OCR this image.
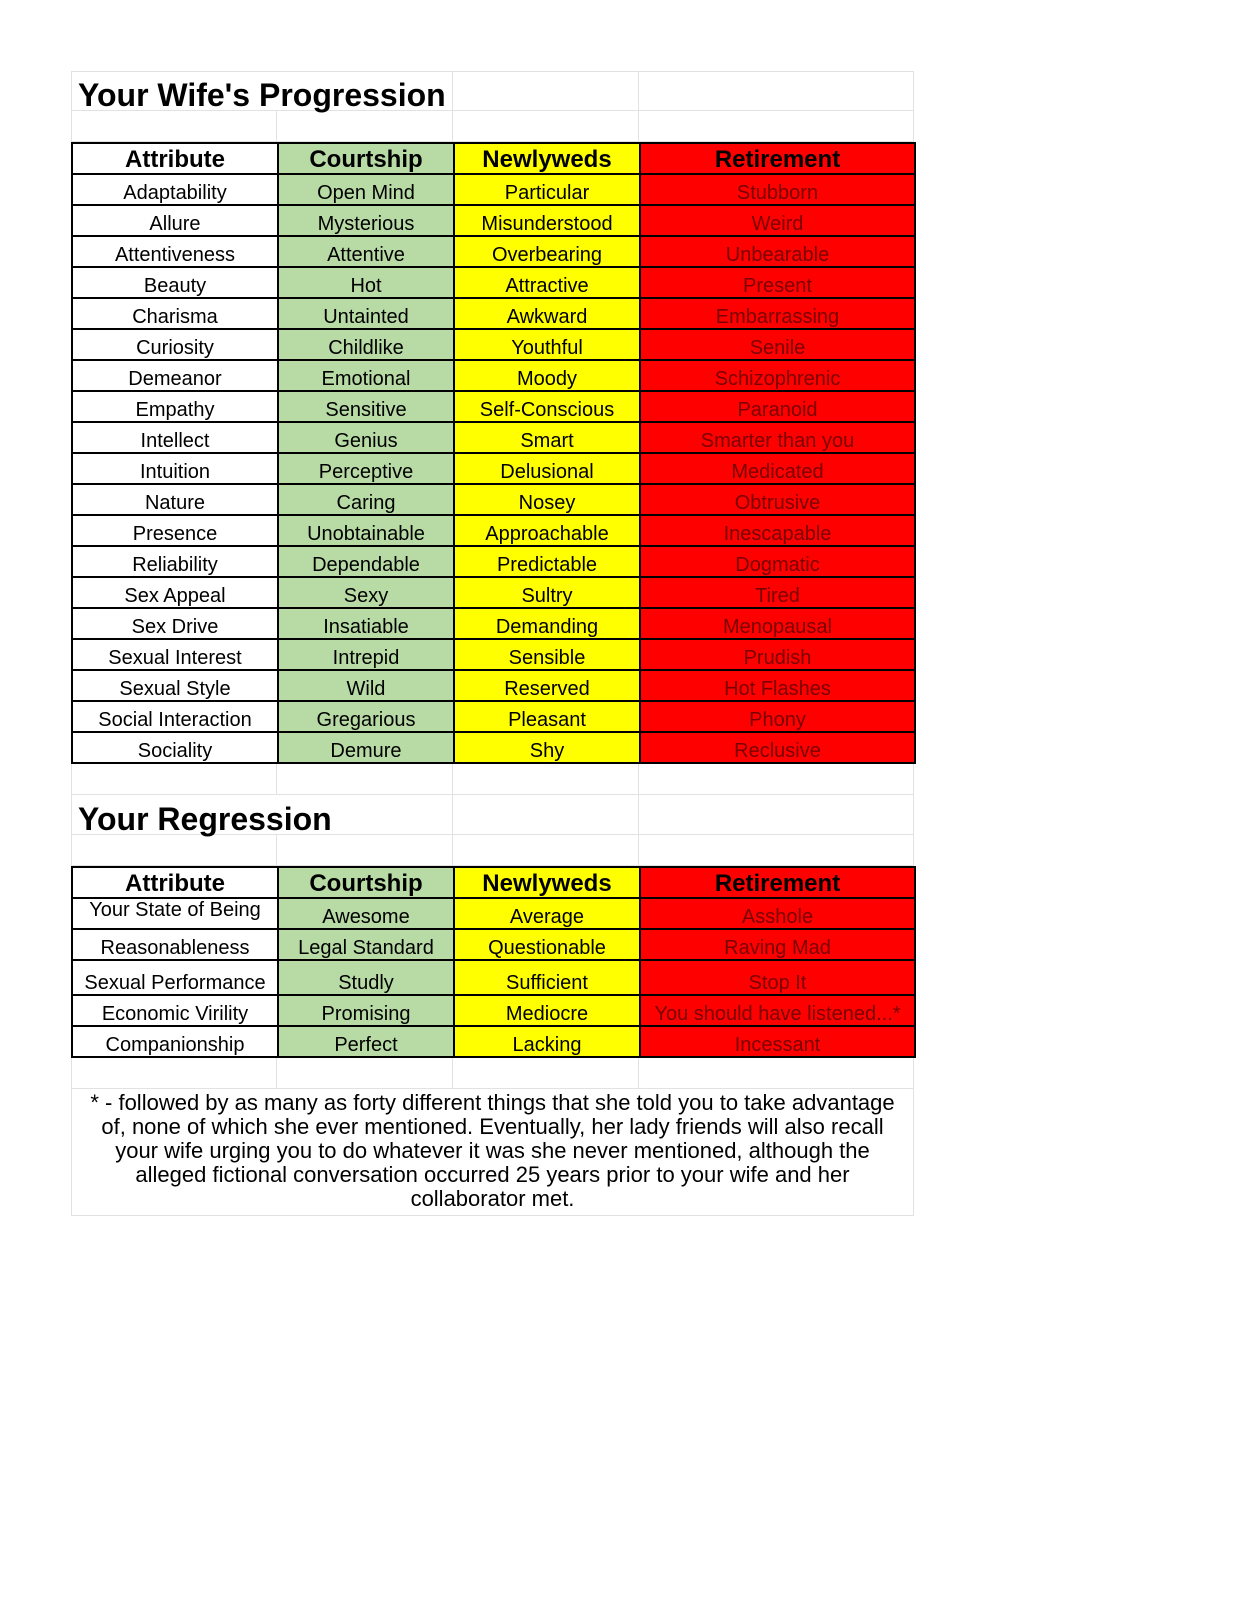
Your Wife's Progression
Attribute	Courtship	Newlyweds	Retirement
Adaptability	Open Mind	Particular	Stubborn
Allure	Mysterious	Misunderstood	Weird
Attentiveness	Attentive	Overbearing	Unbearable
Beauty	Hot	Attractive	Present
Charisma	Untainted	Awkward	Embarrassing
Curiosity	Childlike	Youthful	Senile
Demeanor	Emotional	Moody	Schizophrenic
Empathy	Sensitive	Self-Conscious	Paranoid
Intellect	Genius	Smart	Smarter than you
Intuition	Perceptive	Delusional	Medicated
Nature	Caring	Nosey	Obtrusive
Presence	Unobtainable	Approachable	Inescapable
Reliability	Dependable	Predictable	Dogmatic
Sex Appeal	Sexy	Sultry	Tired
Sex Drive	Insatiable	Demanding	Menopausal
Sexual Interest	Intrepid	Sensible	Prudish
Sexual Style	Wild	Reserved	Hot Flashes
Social Interaction	Gregarious	Pleasant	Phony
Sociality	Demure	Shy	Reclusive
Your Regression
Attribute	Courtship	Newlyweds	Retirement
Your State of Being	Awesome	Average	Asshole
Reasonableness	Legal Standard	Questionable	Raving Mad
Sexual Performance	Studly	Sufficient	Stop It
Economic Virility	Promising	Mediocre	You should have listened...*
Companionship	Perfect	Lacking	Incessant
* - followed by as many as forty different things that she told you to take advantage of, none of which she ever mentioned. Eventually, her lady friends will also recall your wife urging you to do whatever it was she never mentioned, although the alleged fictional conversation occurred 25 years prior to your wife and her collaborator met.
